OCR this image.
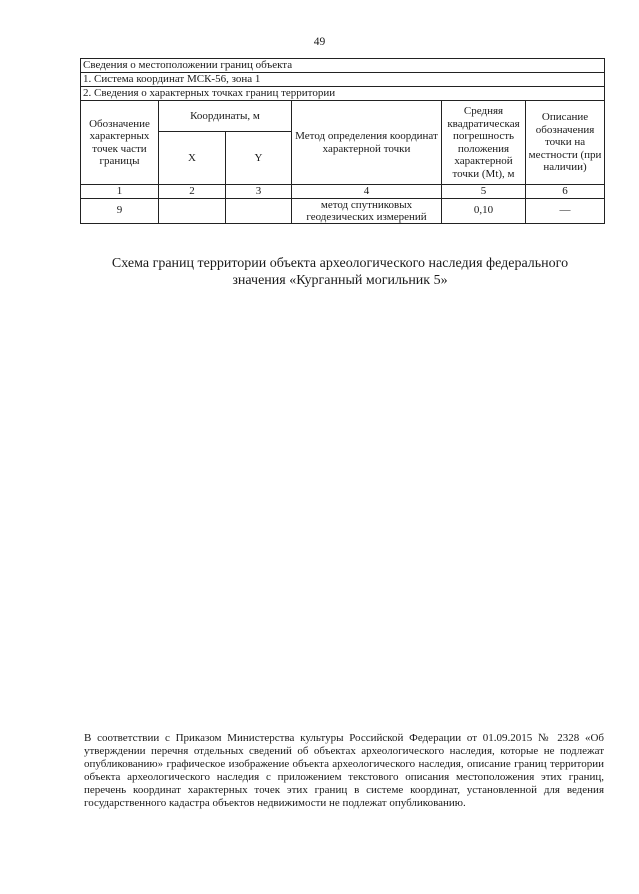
49
Сведения о местоположении границ объекта					
1. Система координат МСК-56, зона 1					
2. Сведения о характерных точках границ территории					
Обозначение характерных точек части границы	Координаты, м		Метод определения координат характерной точки	Средняя квадратическая погрешность положения характерной точки (Mt), м	Описание обозначения точки на местности (при наличии)
	X	Y			
1	2	3	4	5	6
9			метод спутниковых геодезических измерений	0,10	—
Схема границ территории объекта археологического наследия федерального
значения «Курганный могильник 5»
В соответствии с Приказом Министерства культуры Российской Федерации от 01.09.2015 № 2328 «Об утверждении перечня отдельных сведений об объектах археологического наследия, которые не подлежат опубликованию» графическое изображение объекта археологического наследия, описание границ территории объекта археологического наследия с приложением текстового описания местоположения этих границ, перечень координат характерных точек этих границ в системе координат, установленной для ведения государственного кадастра объектов недвижимости не подлежат опубликованию.
